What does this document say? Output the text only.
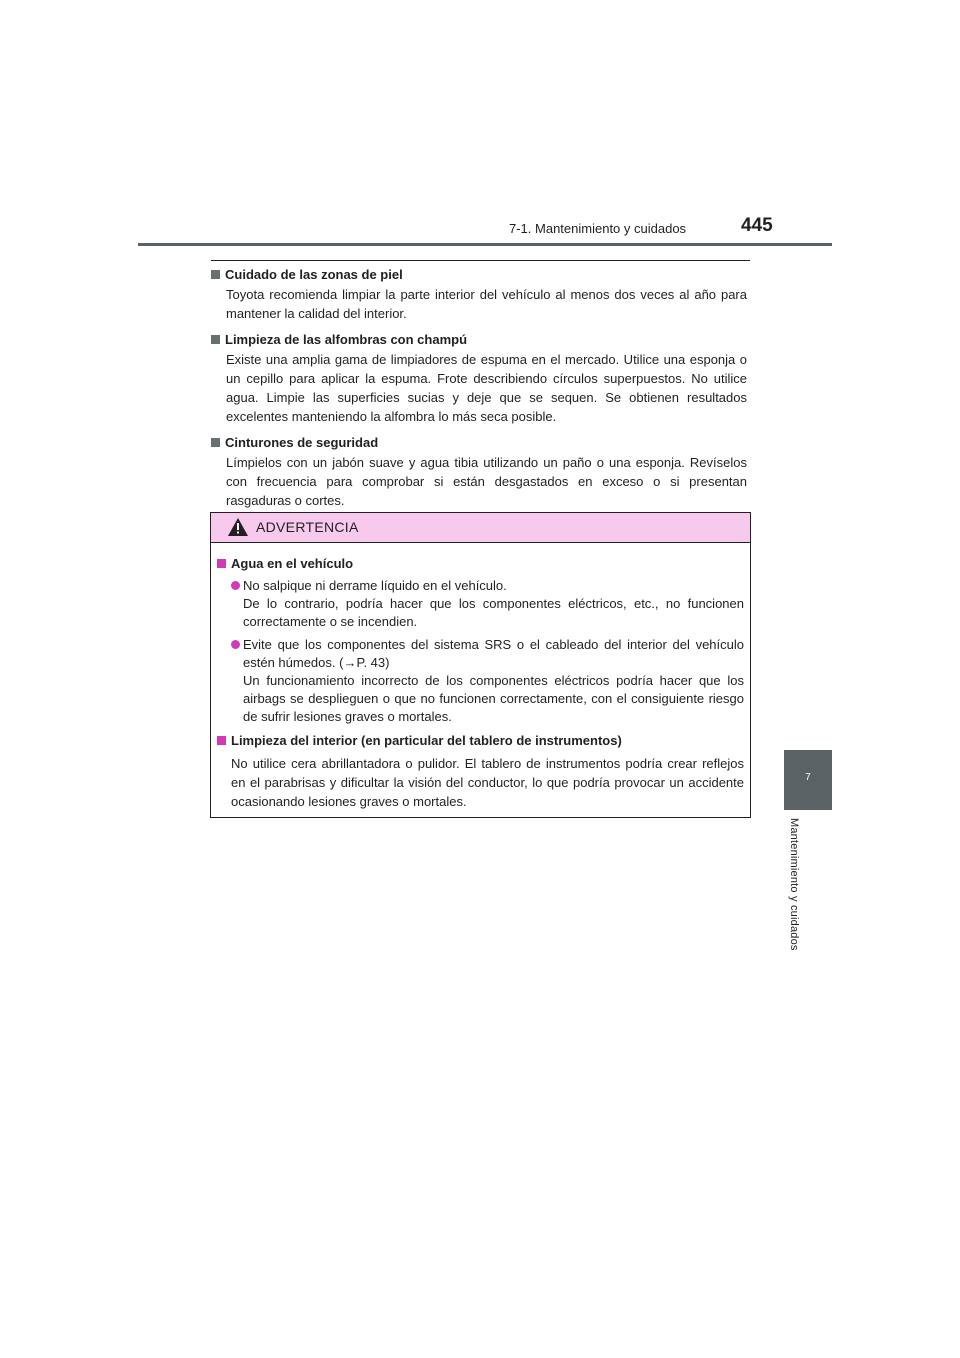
7-1. Mantenimiento y cuidados	445

Cuidado de las zonas de piel

Toyota recomienda limpiar la parte interior del vehículo al menos dos veces al año para mantener la calidad del interior.

Limpieza de las alfombras con champú

Existe una amplia gama de limpiadores de espuma en el mercado. Utilice una esponja o un cepillo para aplicar la espuma. Frote describiendo círculos superpuestos. No utilice agua. Limpie las superficies sucias y deje que se sequen. Se obtienen resultados excelentes manteniendo la alfombra lo más seca posible.

Cinturones de seguridad

Límpielos con un jabón suave y agua tibia utilizando un paño o una esponja. Revíselos con frecuencia para comprobar si están desgastados en exceso o si presentan rasgaduras o cortes.

ADVERTENCIA
Agua en el vehículo
No salpique ni derrame líquido en el vehículo.
De lo contrario, podría hacer que los componentes eléctricos, etc., no funcionen correctamente o se incendien.
Evite que los componentes del sistema SRS o el cableado del interior del vehículo estén húmedos. (→P. 43)
Un funcionamiento incorrecto de los componentes eléctricos podría hacer que los airbags se desplieguen o que no funcionen correctamente, con el consiguiente riesgo de sufrir lesiones graves o mortales.
Limpieza del interior (en particular del tablero de instrumentos)
No utilice cera abrillantadora o pulidor. El tablero de instrumentos podría crear reflejos en el parabrisas y dificultar la visión del conductor, lo que podría provocar un accidente ocasionando lesiones graves o mortales.
7
Mantenimiento y cuidados
